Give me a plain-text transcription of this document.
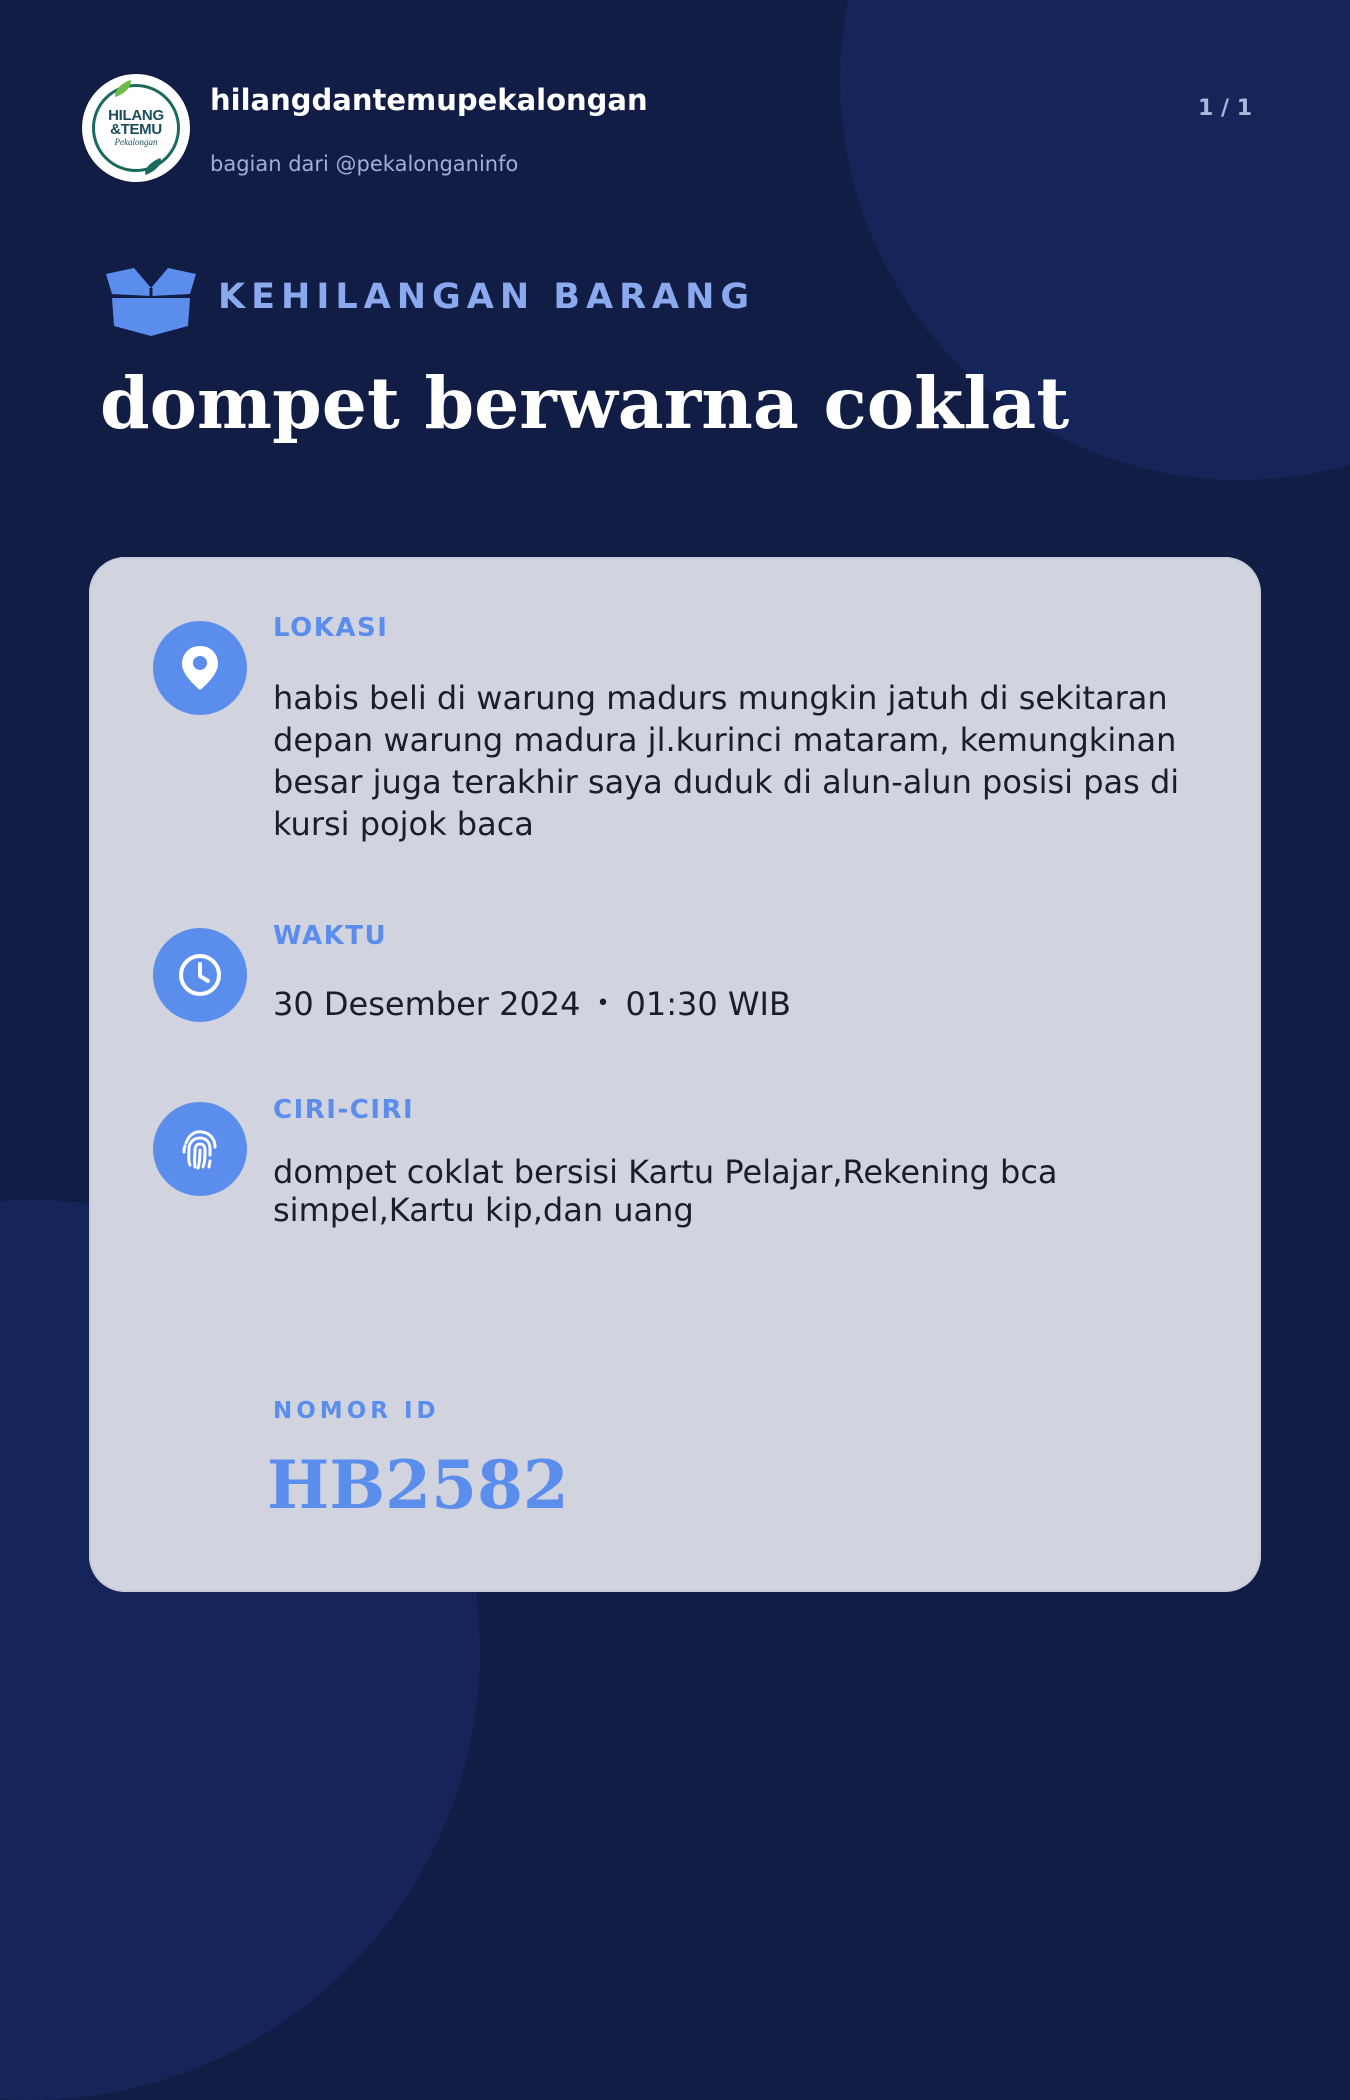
HILANG
&TEMU
Pekalongan
hilangdantemupekalongan
bagian dari @pekalonganinfo
1 / 1
KEHILANGAN BARANG
dompet berwarna coklat
LOKASI
habis beli di warung madurs mungkin jatuh di sekitaran depan warung madura jl.kurinci mataram, kemungkinan besar juga terakhir saya duduk di alun-alun posisi pas di kursi pojok baca
WAKTU
30 Desember 2024 • 01:30 WIB
CIRI-CIRI
dompet coklat bersisi Kartu Pelajar,Rekening bca simpel,Kartu kip,dan uang
NOMOR ID
HB2582
